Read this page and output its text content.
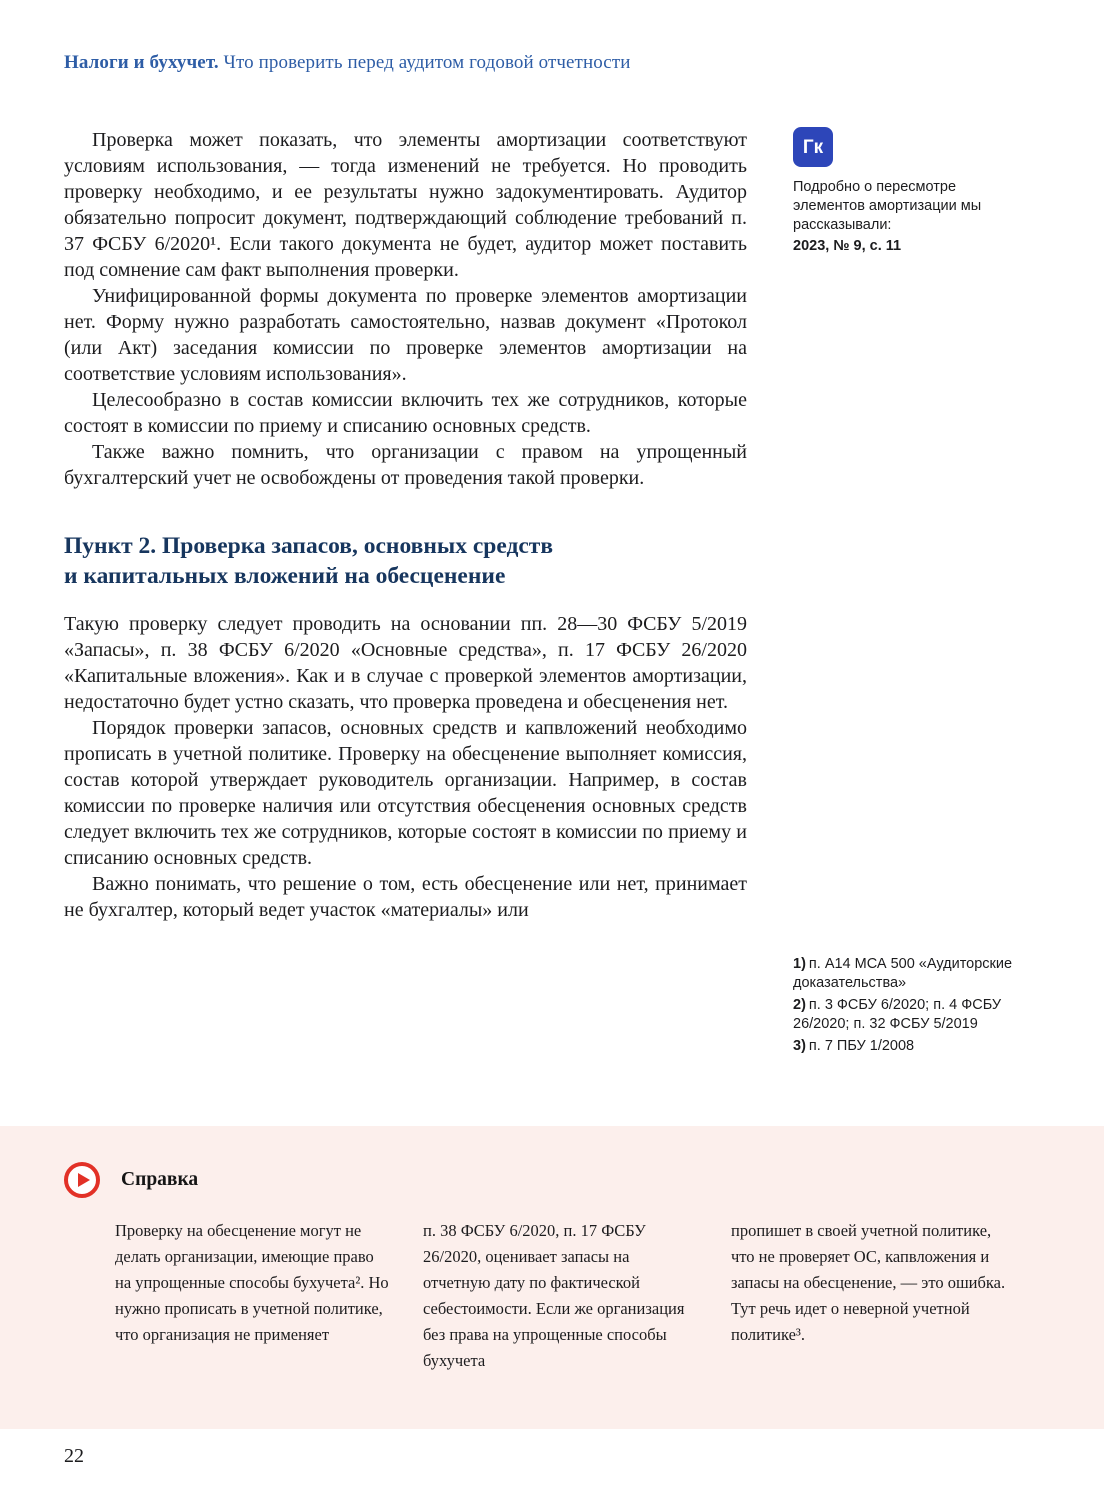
Налоги и бухучет. Что проверить перед аудитом годовой отчетности

Проверка может показать, что элементы амортизации соответствуют условиям использования, — тогда изменений не требуется. Но проводить проверку необходимо, и ее результаты нужно задокументировать. Аудитор обязательно попросит документ, подтверждающий соблюдение требований п. 37 ФСБУ 6/2020¹. Если такого документа не будет, аудитор может поставить под сомнение сам факт выполнения проверки.

Унифицированной формы документа по проверке элементов амортизации нет. Форму нужно разработать самостоятельно, назвав документ «Протокол (или Акт) заседания комиссии по проверке элементов амортизации на соответствие условиям использования».

Целесообразно в состав комиссии включить тех же сотрудников, которые состоят в комиссии по приему и списанию основных средств.

Также важно помнить, что организации с правом на упрощенный бухгалтерский учет не освобождены от проведения такой проверки.

Пункт 2. Проверка запасов, основных средств
и капитальных вложений на обесценение

Такую проверку следует проводить на основании пп. 28—30 ФСБУ 5/2019 «Запасы», п. 38 ФСБУ 6/2020 «Основные средства», п. 17 ФСБУ 26/2020 «Капитальные вложения». Как и в случае с проверкой элементов амортизации, недостаточно будет устно сказать, что проверка проведена и обесценения нет.

Порядок проверки запасов, основных средств и капвложений необходимо прописать в учетной политике. Проверку на обесценение выполняет комиссия, состав которой утверждает руководитель организации. Например, в состав комиссии по проверке наличия или отсутствия обесценения основных средств следует включить тех же сотрудников, которые состоят в комиссии по приему и списанию основных средств.

Важно понимать, что решение о том, есть обесценение или нет, принимает не бухгалтер, который ведет участок «материалы» или

Гк
Подробно о пересмотре элементов амортизации мы рассказывали:
2023, № 9, с. 11

1) п. А14 МСА 500 «Аудиторские доказательства»

2) п. 3 ФСБУ 6/2020; п. 4 ФСБУ 26/2020; п. 32 ФСБУ 5/2019

3) п. 7 ПБУ 1/2008

Справка

Проверку на обесценение могут не делать организации, имеющие право на упрощенные способы бухучета². Но нужно прописать в учетной политике, что организация не применяет

п. 38 ФСБУ 6/2020, п. 17 ФСБУ 26/2020, оценивает запасы на отчетную дату по фактической себестоимости. Если же организация без права на упрощенные способы бухучета

пропишет в своей учетной политике, что не проверяет ОС, капвложения и запасы на обесценение, — это ошибка. Тут речь идет о неверной учетной политике³.

22
